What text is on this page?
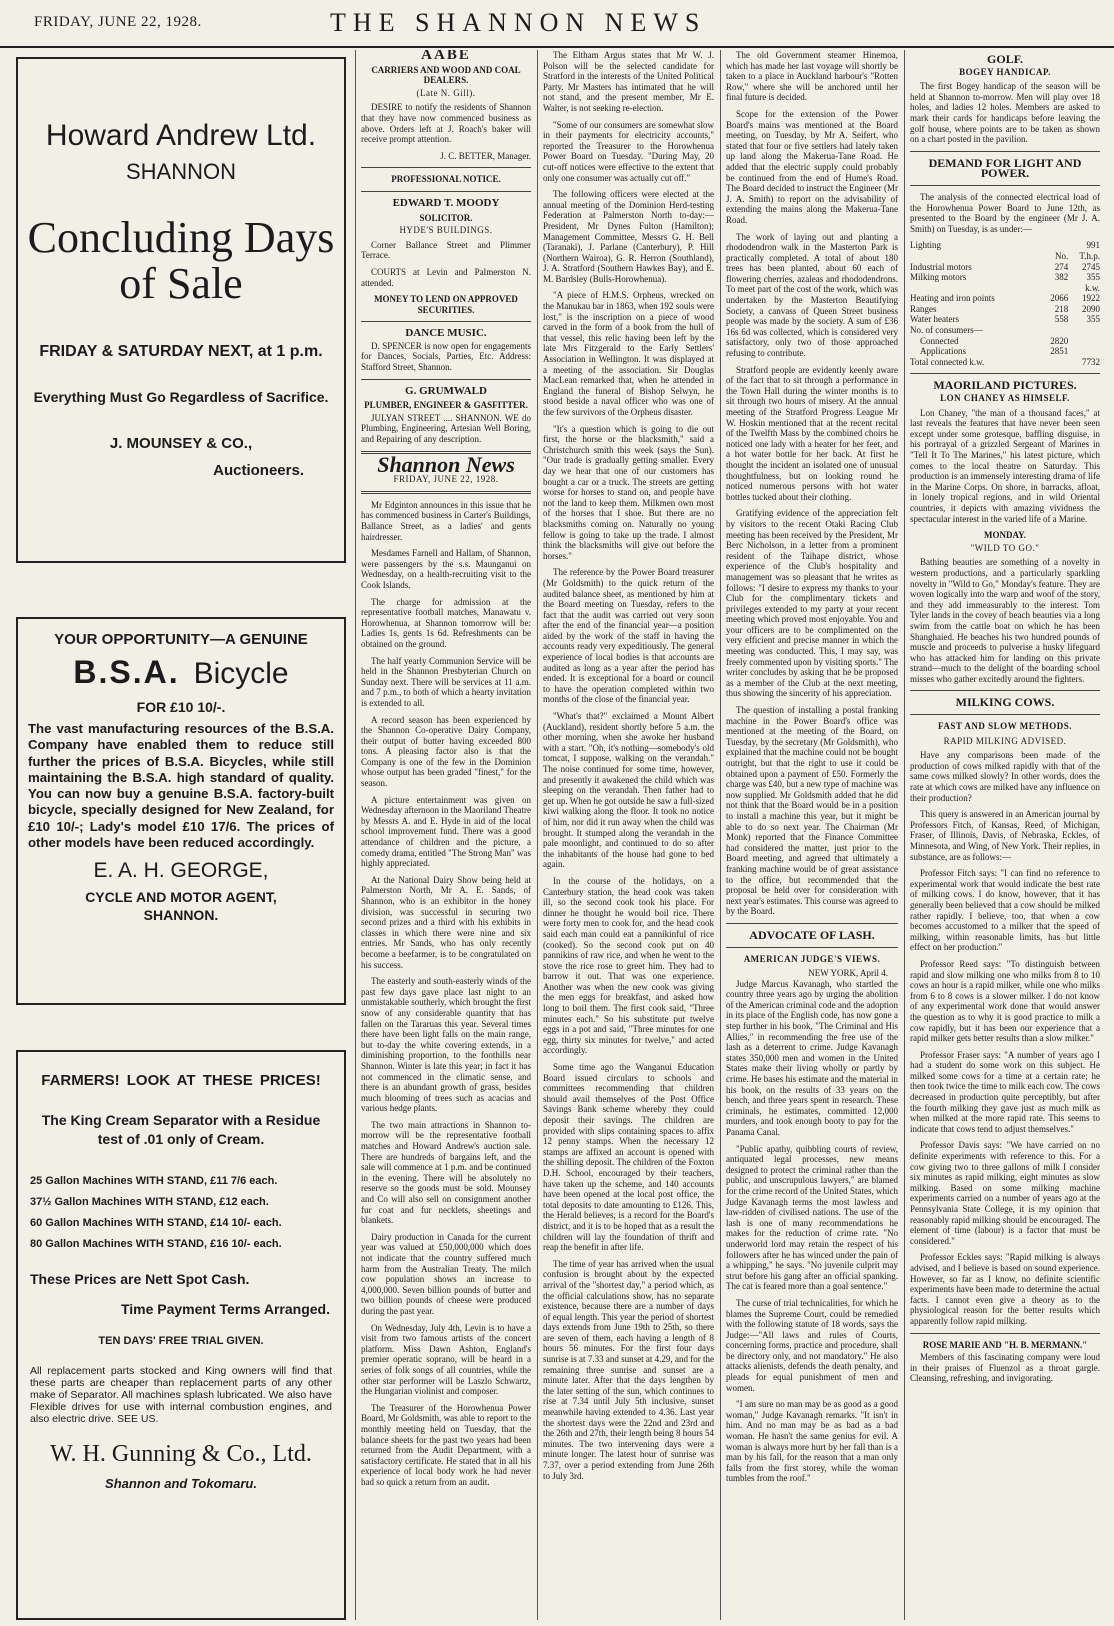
FRIDAY, JUNE 22, 1928.	THE SHANNON NEWS
Howard Andrew Ltd.
SHANNON
Concluding Days
of Sale
FRIDAY & SATURDAY NEXT, at 1 p.m.
Everything Must Go Regardless of Sacrifice.
J. MOUNSEY & CO.,
Auctioneers.
YOUR OPPORTUNITY—A GENUINE
B.S.A. Bicycle
FOR £10 10/-.
The vast manufacturing resources of the B.S.A. Company have enabled them to reduce still further the prices of B.S.A. Bicycles, while still maintaining the B.S.A. high standard of quality. You can now buy a genuine B.S.A. factory-built bicycle, specially designed for New Zealand, for £10 10/-; Lady's model £10 17/6. The prices of other models have been reduced accordingly.
E. A. H. GEORGE,
CYCLE AND MOTOR AGENT,
SHANNON.
FARMERS! LOOK AT THESE PRICES!
The King Cream Separator with a Residue test of .01 only of Cream.
25 Gallon Machines WITH STAND, £11 7/6 each.
37½ Gallon Machines WITH STAND, £12 each.
60 Gallon Machines WITH STAND, £14 10/- each.
80 Gallon Machines WITH STAND, £16 10/- each.
These Prices are Nett Spot Cash.
Time Payment Terms Arranged.
TEN DAYS' FREE TRIAL GIVEN.
All replacement parts stocked and King owners will find that these parts are cheaper than replacement parts of any other make of Separator. All machines splash lubricated. We also have Flexible drives for use with internal combustion engines, and also electric drive. SEE US.
W. H. Gunning & Co., Ltd.
Shannon and Tokomaru.
AABE
CARRIERS AND WOOD AND COAL DEALERS.
(Late N. Gill).

DESIRE to notify the residents of Shannon that they have now commenced business as above. Orders left at J. Roach's baker will receive prompt attention.

J. C. BETTER, Manager.
PROFESSIONAL NOTICE.
EDWARD T. MOODY
SOLICITOR.
HYDE'S BUILDINGS.

Corner Ballance Street and Plimmer Terrace.

COURTS at Levin and Palmerston N. attended.

MONEY TO LEND ON APPROVED SECURITIES.
DANCE MUSIC.

D. SPENCER is now open for engagements for Dances, Socials, Parties, Etc. Address: Stafford Street, Shannon.

G. GRUMWALD
PLUMBER, ENGINEER & GASFITTER.

JULYAN STREET .... SHANNON. WE do Plumbing, Engineering, Artesian Well Boring, and Repairing of any description.

Shannon News
FRIDAY, JUNE 22, 1928.

Mr Edginton announces in this issue that he has commenced business in Carter's Buildings, Ballance Street, as a ladies' and gents hairdresser.

Mesdames Farnell and Hallam, of Shannon, were passengers by the s.s. Maunganui on Wednesday, on a health-recruiting visit to the Cook Islands.

The charge for admission at the representative football matches, Manawatu v. Horowhenua, at Shannon tomorrow will be: Ladies 1s, gents 1s 6d. Refreshments can be obtained on the ground.

The half yearly Communion Service will be held in the Shannon Presbyterian Church on Sunday next. There will be services at 11 a.m. and 7 p.m., to both of which a hearty invitation is extended to all.

A record season has been experienced by the Shannon Co-operative Dairy Company, their output of butter having exceeded 800 tons. A pleasing factor also is that the Company is one of the few in the Dominion whose output has been graded "finest," for the season.

A picture entertainment was given on Wednesday afternoon in the Maoriland Theatre by Messrs A. and E. Hyde in aid of the local school improvement fund. There was a good attendance of children and the picture, a comedy drama, entitled "The Strong Man" was highly appreciated.

At the National Dairy Show being held at Palmerston North, Mr A. E. Sands, of Shannon, who is an exhibitor in the honey division, was successful in securing two second prizes and a third with his exhibits in classes in which there were nine and six entries. Mr Sands, who has only recently become a beefarmer, is to be congratulated on his success.

The easterly and south-easterly winds of the past few days gave place last night to an unmistakable southerly, which brought the first snow of any considerable quantity that has fallen on the Tararuas this year. Several times there have been light falls on the main range, but to-day the white covering extends, in a diminishing proportion, to the foothills near Shannon. Winter is late this year; in fact it has not commenced in the climatic sense, and there is an abundant growth of grass, besides much blooming of trees such as acacias and various hedge plants.

The two main attractions in Shannon to-morrow will be the representative football matches and Howard Andrew's auction sale. There are hundreds of bargains left, and the sale will commence at 1 p.m. and be continued in the evening. There will be absolutely no reserve so the goods must be sold. Mounsey and Co will also sell on consignment another fur coat and fur necklets, sheetings and blankets.

Dairy production in Canada for the current year was valued at £50,000,000 which does not indicate that the country suffered much harm from the Australian Treaty. The milch cow population shows an increase to 4,000,000. Seven billion pounds of butter and two billion pounds of cheese were produced during the past year.

On Wednesday, July 4th, Levin is to have a visit from two famous artists of the concert platform. Miss Dawn Ashton, England's premier operatic soprano, will be heard in a series of folk songs of all countries, while the other star performer will be Laszlo Schwartz, the Hungarian violinist and composer.

The Treasurer of the Horowhenua Power Board, Mr Goldsmith, was able to report to the monthly meeting held on Tuesday, that the balance sheets for the past two years had been returned from the Audit Department, with a satisfactory certificate. He stated that in all his experience of local body work he had never had so quick a return from an audit.

The Eltham Argus states that Mr W. J. Polson will be the selected candidate for Stratford in the interests of the United Political Party. Mr Masters has intimated that he will not stand, and the present member, Mr E. Walter, is not seeking re-election.

"Some of our consumers are somewhat slow in their payments for electricity accounts," reported the Treasurer to the Horowhenua Power Board on Tuesday. "During May, 20 cut-off notices were effective to the extent that only one consumer was actually cut off."

The following officers were elected at the annual meeting of the Dominion Herd-testing Federation at Palmerston North to-day:—President, Mr Dynes Fulton (Hamilton); Management Committee, Messrs G. H. Bell (Taranaki), J. Parlane (Canterbury), P. Hill (Northern Wairoa), G. R. Herron (Southland), J. A. Stratford (Southern Hawkes Bay), and E. M. Bardsley (Bulls-Horowhenua).

"A piece of H.M.S. Orpheus, wrecked on the Manukau bar in 1863, when 192 souls were lost," is the inscription on a piece of wood carved in the form of a book from the hull of that vessel, this relic having been left by the late Mrs Fitzgerald to the Early Settlers' Association in Wellington. It was displayed at a meeting of the association. Sir Douglas MacLean remarked that, when he attended in England the funeral of Bishop Selwyn, he stood beside a naval officer who was one of the few survivors of the Orpheus disaster.

"It's a question which is going to die out first, the horse or the blacksmith," said a Christchurch smith this week (says the Sun). "Our trade is gradually getting smaller. Every day we hear that one of our customers has bought a car or a truck. The streets are getting worse for horses to stand on, and people have not the land to keep them. Milkmen own most of the horses that I shoe. But there are no blacksmiths coming on. Naturally no young fellow is going to take up the trade. I almost think the blacksmiths will give out before the horses."

The reference by the Power Board treasurer (Mr Goldsmith) to the quick return of the audited balance sheet, as mentioned by him at the Board meeting on Tuesday, refers to the fact that the audit was carried out very soon after the end of the financial year—a position aided by the work of the staff in having the accounts ready very expeditiously. The general experience of local bodies is that accounts are audited as long as a year after the period has ended. It is exceptional for a board or council to have the operation completed within two months of the close of the financial year.

"What's that?" exclaimed a Mount Albert (Auckland), resident shortly before 5 a.m. the other morning, when she awoke her husband with a start. "Oh, it's nothing—somebody's old tomcat, I suppose, walking on the verandah." The noise continued for some time, however, and presently it awakened the child which was sleeping on the verandah. Then father had to get up. When he got outside he saw a full-sized kiwi walking along the floor. It took no notice of him, nor did it run away when the child was brought. It stumped along the verandah in the pale moonlight, and continued to do so after the inhabitants of the house had gone to bed again.

In the course of the holidays, on a Canterbury station, the head cook was taken ill, so the second cook took his place. For dinner he thought he would boil rice. There were forty men to cook for, and the head cook said each man could eat a pannikinful of rice (cooked). So the second cook put on 40 pannikins of raw rice, and when he went to the stove the rice rose to greet him. They had to barrow it out. That was one experience. Another was when the new cook was giving the men eggs for breakfast, and asked how long to boil them. The first cook said, "Three minutes each." So his substitute put twelve eggs in a pot and said, "Three minutes for one egg, thirty six minutes for twelve," and acted accordingly.

Some time ago the Wanganui Education Board issued circulars to schools and committees recommending that children should avail themselves of the Post Office Savings Bank scheme whereby they could deposit their savings. The children are provided with slips containing spaces to affix 12 penny stamps. When the necessary 12 stamps are affixed an account is opened with the shilling deposit. The children of the Foxton D.H. School, encouraged by their teachers, have taken up the scheme, and 140 accounts have been opened at the local post office, the total deposits to date amounting to £126. This, the Herald believes, is a record for the Board's district, and it is to be hoped that as a result the children will lay the foundation of thrift and reap the benefit in after life.

The time of year has arrived when the usual confusion is brought about by the expected arrival of the "shortest day," a period which, as the official calculations show, has no separate existence, because there are a number of days of equal length. This year the period of shortest days extends from June 19th to 25th, so there are seven of them, each having a length of 8 hours 56 minutes. For the first four days sunrise is at 7.33 and sunset at 4.29, and for the remaining three sunrise and sunset are a minute later. After that the days lengthen by the later setting of the sun, which continues to rise at 7.34 until July 5th inclusive, sunset meanwhile having extended to 4.36. Last year the shortest days were the 22nd and 23rd and the 26th and 27th, their length being 8 hours 54 minutes. The two intervening days were a minute longer. The latest hour of sunrise was 7.37, over a period extending from June 26th to July 3rd.

The old Government steamer Hinemoa, which has made her last voyage will shortly be taken to a place in Auckland harbour's "Rotten Row," where she will be anchored until her final future is decided.

Scope for the extension of the Power Board's mains was mentioned at the Board meeting, on Tuesday, by Mr A. Seifert, who stated that four or five settlers had lately taken up land along the Makerua-Tane Road. He added that the electric supply could probably be continued from the end of Hume's Road. The Board decided to instruct the Engineer (Mr J. A. Smith) to report on the advisability of extending the mains along the Makerua-Tane Road.

The work of laying out and planting a rhododendron walk in the Masterton Park is practically completed. A total of about 180 trees has been planted, about 60 each of flowering cherries, azaleas and rhododendrons. To meet part of the cost of the work, which was undertaken by the Masterton Beautifying Society, a canvass of Queen Street business people was made by the society. A sum of £36 16s 6d was collected, which is considered very satisfactory, only two of those approached refusing to contribute.

Stratford people are evidently keenly aware of the fact that to sit through a performance in the Town Hall during the winter months is to sit through two hours of misery. At the annual meeting of the Stratford Progress League Mr W. Hoskin mentioned that at the recent recital of the Twelfth Mass by the combined choirs he noticed one lady with a heater for her feet, and a hot water bottle for her back. At first he thought the incident an isolated one of unusual thoughtfulness, but on looking round he noticed numerous persons with hot water bottles tucked about their clothing.

Gratifying evidence of the appreciation felt by visitors to the recent Otaki Racing Club meeting has been received by the President, Mr Berc Nicholson, in a letter from a prominent resident of the Taihape district, whose experience of the Club's hospitality and management was so pleasant that he writes as follows: "I desire to express my thanks to your Club for the complimentary tickets and privileges extended to my party at your recent meeting which proved most enjoyable. You and your officers are to be complimented on the very efficient and precise manner in which the meeting was conducted. This, I may say, was freely commented upon by visiting sports." The writer concludes by asking that he be proposed as a member of the Club at the next meeting, thus showing the sincerity of his appreciation.

The question of installing a postal franking machine in the Power Board's office was mentioned at the meeting of the Board, on Tuesday, by the secretary (Mr Goldsmith), who explained that the machine could not be bought outright, but that the right to use it could be obtained upon a payment of £50. Formerly the charge was £40, but a new type of machine was now supplied. Mr Goldsmith added that he did not think that the Board would be in a position to install a machine this year, but it might be able to do so next year. The Chairman (Mr Monk) reported that the Finance Committee had considered the matter, just prior to the Board meeting, and agreed that ultimately a franking machine would be of great assistance to the office, but recommended that the proposal be held over for consideration with next year's estimates. This course was agreed to by the Board.

ADVOCATE OF LASH.
AMERICAN JUDGE'S VIEWS.
NEW YORK, April 4.

Judge Marcus Kavanagh, who startled the country three years ago by urging the abolition of the American criminal code and the adoption in its place of the English code, has now gone a step further in his book, "The Criminal and His Allies," in recommending the free use of the lash as a deterrent to crime. Judge Kavanagh states 350,000 men and women in the United States make their living wholly or partly by crime. He bases his estimate and the material in his book, on the results of 33 years on the bench, and three years spent in research. These criminals, he estimates, committed 12,000 murders, and took enough booty to pay for the Panama Canal.

"Public apathy, quibbling courts of review, antiquated legal processes, new means designed to protect the criminal rather than the public, and unscrupulous lawyers," are blamed for the crime record of the United States, which Judge Kavanagh terms the most lawless and law-ridden of civilised nations. The use of the lash is one of many recommendations he makes for the reduction of crime rate. "No underworld lord may retain the respect of his followers after he has winced under the pain of a whipping," he says. "No juvenile culprit may strut before his gang after an official spanking. The cat is feared more than a goal sentence."

The curse of trial technicalities, for which he blames the Supreme Court, could be remedied with the following statute of 18 words, says the Judge:—"All laws and rules of Courts, concerning forms, practice and procedure, shall be directory only, and not mandatory." He also attacks alienists, defends the death penalty, and pleads for equal punishment of men and women.

"I am sure no man may be as good as a good woman," Judge Kavanagh remarks. "It isn't in him. And no man may be as bad as a bad woman. He hasn't the same genius for evil. A woman is always more hurt by her fall than is a man by his fall, for the reason that a man only falls from the first storey, while the woman tumbles from the roof."

GOLF.
BOGEY HANDICAP.

The first Bogey handicap of the season will be held at Shannon to-morrow. Men will play over 18 holes, and ladies 12 holes. Members are asked to mark their cards for handicaps before leaving the golf house, where points are to be taken as shown on a chart posted in the pavilion.

DEMAND FOR LIGHT AND POWER.

The analysis of the connected electrical load of the Horowhenua Power Board to June 12th, as presented to the Board by the engineer (Mr J. A. Smith) on Tuesday, is as under:—

Lighting		991
	No.	T.h.p.
Industrial motors	274	2745
Milking motors	382	355
		k.w.
Heating and iron points	2066	1922
Ranges	218	2090
Water heaters	558	355
No. of consumers—		
Connected	2820	
Applications	2851	
Total connected k.w.		7732
MAORILAND PICTURES.
LON CHANEY AS HIMSELF.

Lon Chaney, "the man of a thousand faces," at last reveals the features that have never been seen except under some grotesque, baffling disguise, in his portrayal of a grizzled Sergeant of Marines in "Tell It To The Marines," his latest picture, which comes to the local theatre on Saturday. This production is an immensely interesting drama of life in the Marine Corps. On shore, in barracks, afloat, in lonely tropical regions, and in wild Oriental countries, it depicts with amazing vividness the spectacular interest in the varied life of a Marine.

MONDAY.
"WILD TO GO."

Bathing beauties are something of a novelty in western productions, and a particularly sparkling novelty in "Wild to Go," Monday's feature. They are woven logically into the warp and woof of the story, and they add immeasurably to the interest. Tom Tyler lands in the covey of beach beauties via a long swim from the cattle boat on which he has been Shanghaied. He beaches his two hundred pounds of muscle and proceeds to pulverise a husky lifeguard who has attacked him for landing on this private strand—much to the delight of the boarding school misses who gather excitedly around the fighters.

MILKING COWS.
FAST AND SLOW METHODS.
RAPID MILKING ADVISED.

Have any comparisons been made of the production of cows milked rapidly with that of the same cows milked slowly? In other words, does the rate at which cows are milked have any influence on their production?

This query is answered in an American journal by Professors Fitch, of Kansas, Reed, of Michigan, Fraser, of Illinois, Davis, of Nebraska, Eckles, of Minnesota, and Wing, of New York. Their replies, in substance, are as follows:—

Professor Fitch says: "I can find no reference to experimental work that would indicate the best rate of milking cows. I do know, however, that it has generally been believed that a cow should be milked rather rapidly. I believe, too, that when a cow becomes accustomed to a milker that the speed of milking, within reasonable limits, has but little effect on her production."

Professor Reed says: "To distinguish between rapid and slow milking one who milks from 8 to 10 cows an hour is a rapid milker, while one who milks from 6 to 8 cows is a slower milker. I do not know of any experimental work done that would answer the question as to why it is good practice to milk a cow rapidly, but it has been our experience that a rapid milker gets better results than a slow milker."

Professor Fraser says: "A number of years ago I had a student do some work on this subject. He milked some cows for a time at a certain rate; he then took twice the time to milk each cow. The cows decreased in production quite perceptibly, but after the fourth milking they gave just as much milk as when milked at the more rapid rate. This seems to indicate that cows tend to adjust themselves."

Professor Davis says: "We have carried on no definite experiments with reference to this. For a cow giving two to three gallons of milk I consider six minutes as rapid milking, eight minutes as slow milking. Based on some milking machine experiments carried on a number of years ago at the Pennsylvania State College, it is my opinion that reasonably rapid milking should be encouraged. The element of time (labour) is a factor that must be considered."

Professor Eckles says: "Rapid milking is always advised, and I believe is based on sound experience. However, so far as I know, no definite scientific experiments have been made to determine the actual facts. I cannot even give a theory as to the physiological reason for the better results which apparently follow rapid milking.

ROSE MARIE AND "H. B. MERMANN."

Members of this fascinating company were loud in their praises of Fluenzol as a throat gargle. Cleansing, refreshing, and invigorating.
